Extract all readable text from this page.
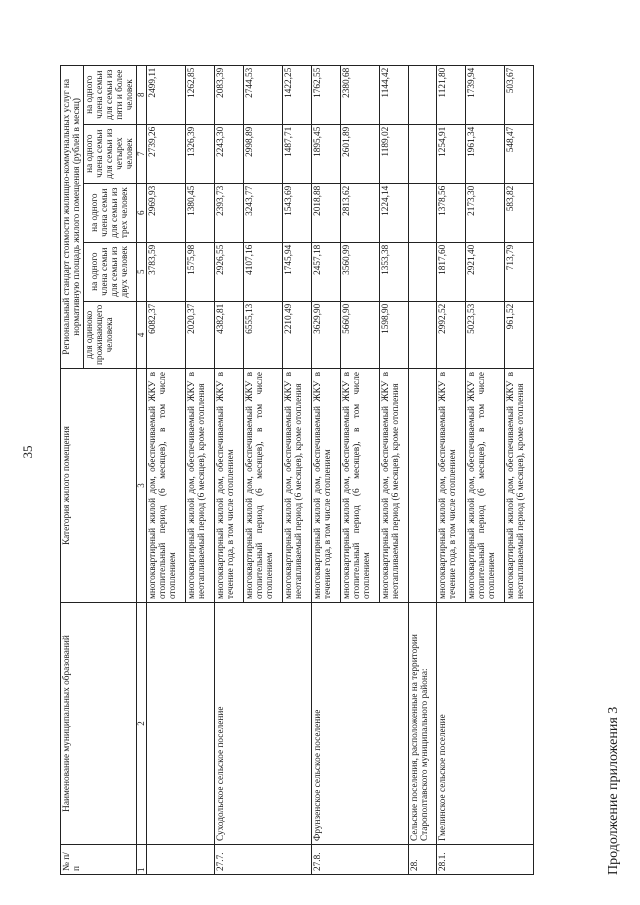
35
Продолжение приложения 3
№ п/п	Наименование муниципальных образований	Категория жилого помещения	Региональный стандарт стоимости жилищно-коммунальных услуг на нормативную площадь жилого помещения (рублей в месяц)				
			для одиноко проживающего человека	на одного члена семьи для семьи из двух человек	на одного члена семьи для семьи из трех человек	на одного члена семьи для семьи из четырех человек	на одного члена семьи для семьи из пяти и более человек
1	2	3	4	5	6	7	8
		многоквартирный жилой дом, обеспечиваемый ЖКУ в отопительный период (6 месяцев), в том числе отоплением	6082,37	3783,59	2969,93	2739,26	2499,11
		многоквартирный жилой дом, обеспечиваемый ЖКУ в неотапливаемый период (6 месяцев), кроме отопления	2020,37	1575,98	1380,45	1326,39	1262,85
27.7.	Суходольское сельское поселение	многоквартирный жилой дом, обеспечиваемый ЖКУ в течение года, в том числе отоплением	4382,81	2926,55	2393,73	2243,30	2083,39
		многоквартирный жилой дом, обеспечиваемый ЖКУ в отопительный период (6 месяцев), в том числе отоплением	6555,13	4107,16	3243,77	2998,89	2744,53
		многоквартирный жилой дом, обеспечиваемый ЖКУ в неотапливаемый период (6 месяцев), кроме отопления	2210,49	1745,94	1543,69	1487,71	1422,25
27.8.	Фрунзенское сельское поселение	многоквартирный жилой дом, обеспечиваемый ЖКУ в течение года, в том числе отоплением	3629,90	2457,18	2018,88	1895,45	1762,55
		многоквартирный жилой дом, обеспечиваемый ЖКУ в отопительный период (6 месяцев), в том числе отоплением	5660,90	3560,99	2813,62	2601,89	2380,68
		многоквартирный жилой дом, обеспечиваемый ЖКУ в неотапливаемый период (6 месяцев), кроме отопления	1598,90	1353,38	1224,14	1189,02	1144,42
28.	Сельские поселения, расположенные на территории Старополтавского муниципального района:						
28.1.	Гмелинское сельское поселение	многоквартирный жилой дом, обеспечиваемый ЖКУ в течение года, в том числе отоплением	2992,52	1817,60	1378,56	1254,91	1121,80
		многоквартирный жилой дом, обеспечиваемый ЖКУ в отопительный период (6 месяцев), в том числе отоплением	5023,53	2921,40	2173,30	1961,34	1739,94
		многоквартирный жилой дом, обеспечиваемый ЖКУ в неотапливаемый период (6 месяцев), кроме отопления	961,52	713,79	583,82	548,47	503,67
